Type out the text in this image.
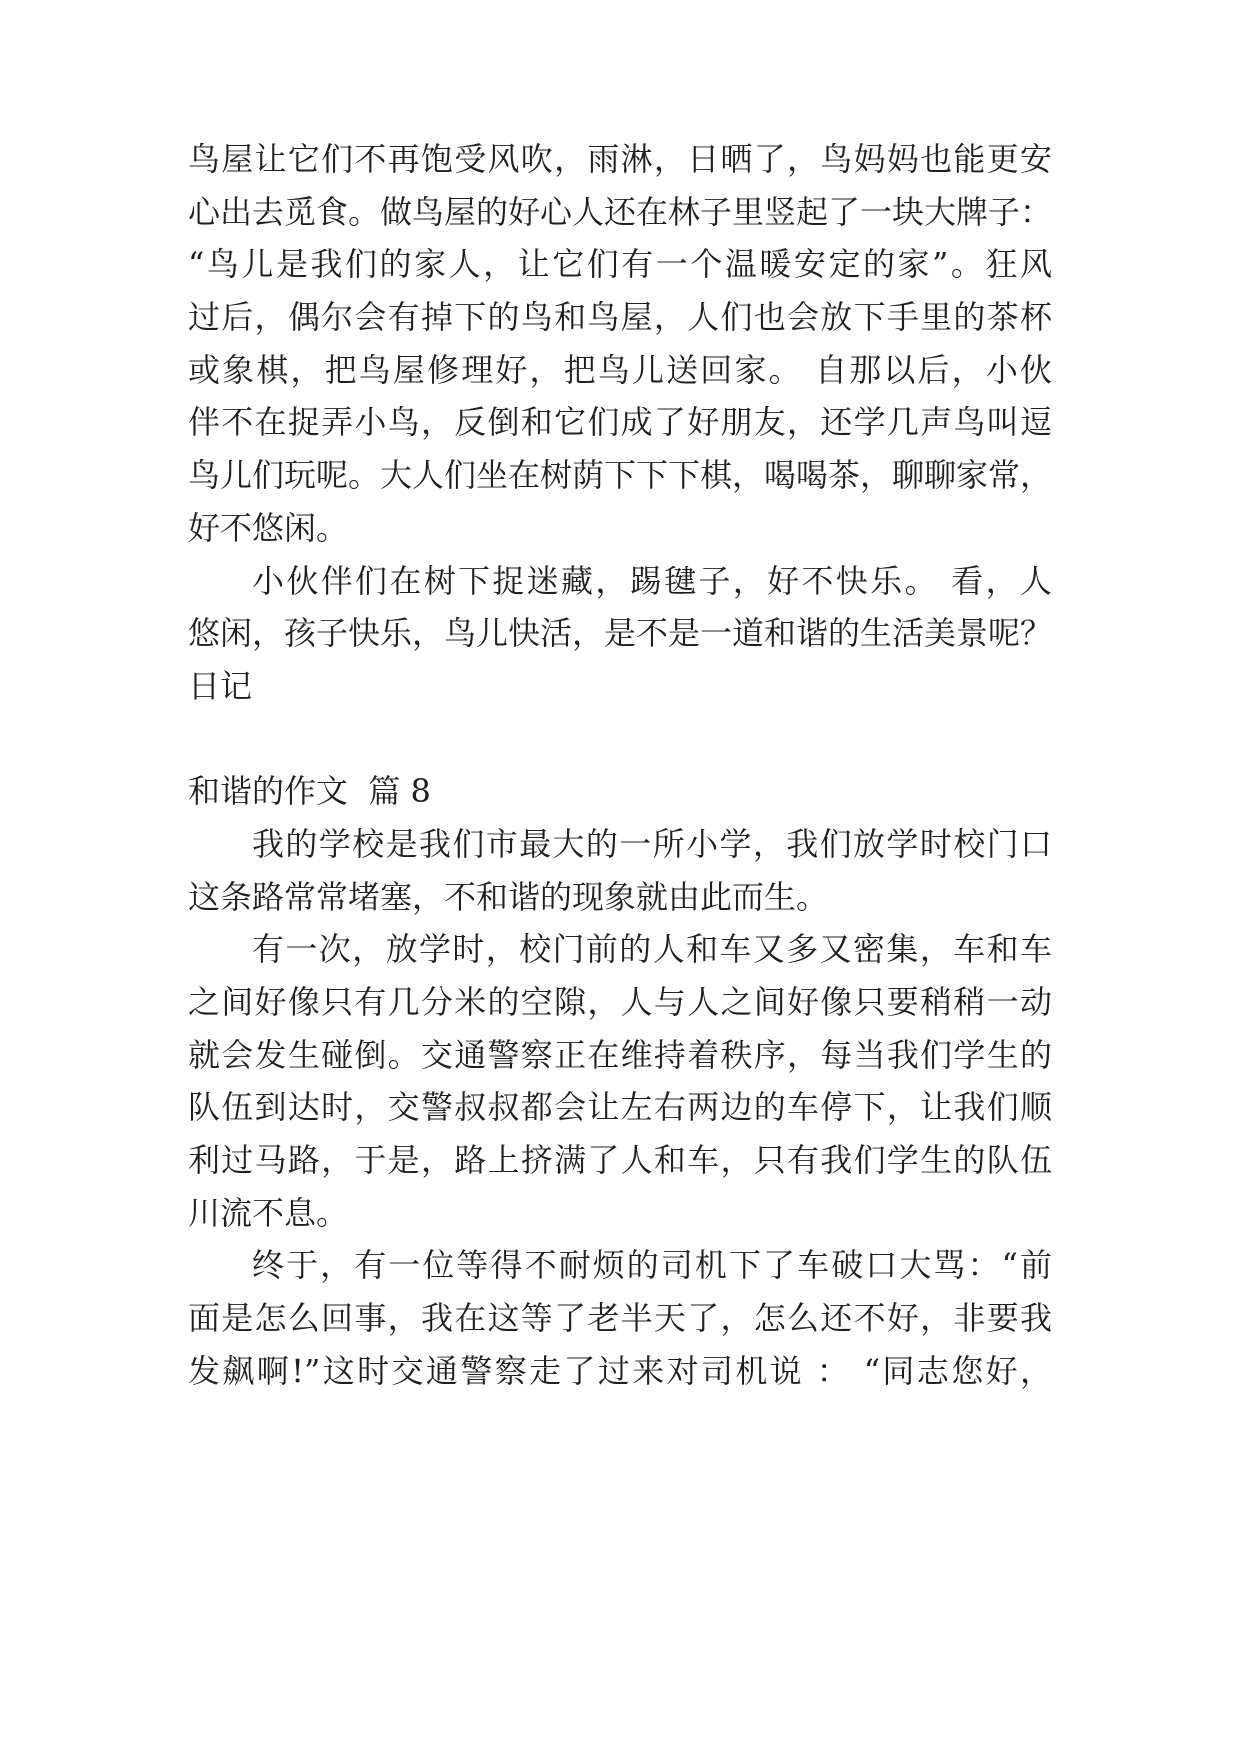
鸟屋让它们不再饱受风吹，雨淋，日晒了，鸟妈妈也能更安
心出去觅食。做鸟屋的好心人还在林子里竖起了一块大牌子：
“鸟儿是我们的家人，让它们有一个温暖安定的家”。狂风
过后，偶尔会有掉下的鸟和鸟屋，人们也会放下手里的茶杯
或象棋，把鸟屋修理好，把鸟儿送回家。 自那以后，小伙
伴不在捉弄小鸟，反倒和它们成了好朋友，还学几声鸟叫逗
鸟儿们玩呢。大人们坐在树荫下下下棋，喝喝茶，聊聊家常，
好不悠闲。
小伙伴们在树下捉迷藏，踢毽子，好不快乐。 看，人
悠闲，孩子快乐，鸟儿快活，是不是一道和谐的生活美景呢？
日记
和谐的作文  篇 8
我的学校是我们市最大的一所小学，我们放学时校门口
这条路常常堵塞，不和谐的现象就由此而生。
有一次，放学时，校门前的人和车又多又密集，车和车
之间好像只有几分米的空隙，人与人之间好像只要稍稍一动
就会发生碰倒。交通警察正在维持着秩序，每当我们学生的
队伍到达时，交警叔叔都会让左右两边的车停下，让我们顺
利过马路，于是，路上挤满了人和车，只有我们学生的队伍
川流不息。
终于，有一位等得不耐烦的司机下了车破口大骂：“前
面是怎么回事，我在这等了老半天了，怎么还不好，非要我
发飙啊!”这时交通警察走了过来对司机说 ： “同志您好，
